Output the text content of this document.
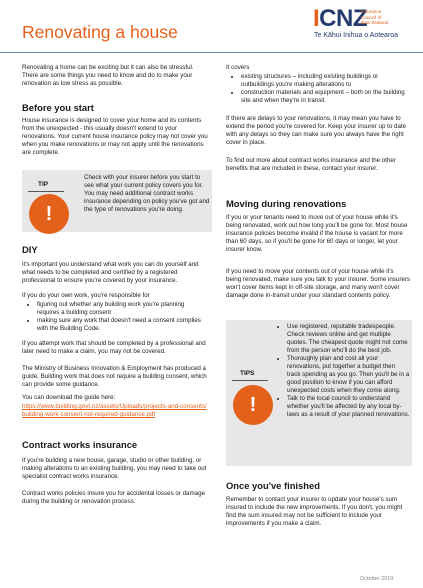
Renovating a house	ICNZ
Insurance
Council of
New Zealand
Te Kāhui Inihua o Aotearoa
Renovating a home can be exciting but it can also be stressful. There are some things you need to know and do to make your renovation as low stress as possible.
Before you start
House insurance is designed to cover your home and its contents from the unexpected - this usually doesn't extend to your renovations. Your current house insurance policy may not cover you when you make renovations or may not apply until the renovations are complete.
TIP
!
Check with your insurer before you start to see what your current policy covers you for. You may need additional contract works insurance depending on policy you've got and the type of renovations you're doing.
DIY
It's important you understand what work you can do yourself and what needs to be completed and certified by a registered professional to ensure you're covered by your insurance.
If you do your own work, you're responsible for
• figuring out whether any building work you're planning requires a building consent
• making sure any work that doesn't need a consent complies with the Building Code.
If you attempt work that should be completed by a professional and later need to make a claim, you may not be covered.
The Ministry of Business Innovation & Employment has produced a guide, Building work that does not require a building consent, which can provide some guidance.
You can download the guide here:
https://www.building.govt.nz/assets/Uploads/projects-and-consents/building-work-consent-not-required-guidance.pdf
Contract works insurance
If you're building a new house, garage, studio or other building, or making alterations to an existing building, you may need to take out specialist contract works insurance.
Contract works policies insure you for accidental losses or damage during the building or renovation process.
It covers
• existing structures – including existing buildings or outbuildings you're making alterations to
• construction materials and equipment – both on the building site and when they're in transit.
If there are delays to your renovations, it may mean you have to extend the period you're covered for. Keep your insurer up to date with any delays so they can make sure you always have the right cover in place.
To find out more about contract works insurance and the other benefits that are included in these, contact your insurer.
Moving during renovations
If you or your tenants need to move out of your house while it's being renovated, work out how long you'll be gone for. Most house insurance policies become invalid if the house is vacant for more than 60 days, so if you'll be gone for 60 days or longer, let your insurer know.
If you need to move your contents out of your house while it's being renovated, make sure you talk to your insurer. Some insurers won't cover items kept in off-site storage, and many won't cover damage done in-transit under your standard contents policy.
TIPS
!
• Use registered, reputable tradespeople. Check reviews online and get multiple quotes. The cheapest quote might not come from the person who'll do the best job.
• Thoroughly plan and cost all your renovations, put together a budget then track spending as you go. Then you'll be in a good position to know if you can afford unexpected costs when they come along.
• Talk to the local council to understand whether you'll be affected by any local by-laws as a result of your planned renovations.
Once you've finished
Remember to contact your insurer to update your house's sum insured to include the new improvements. If you don't, you might find the sum insured may not be sufficient to include your improvements if you make a claim.
October 2019
